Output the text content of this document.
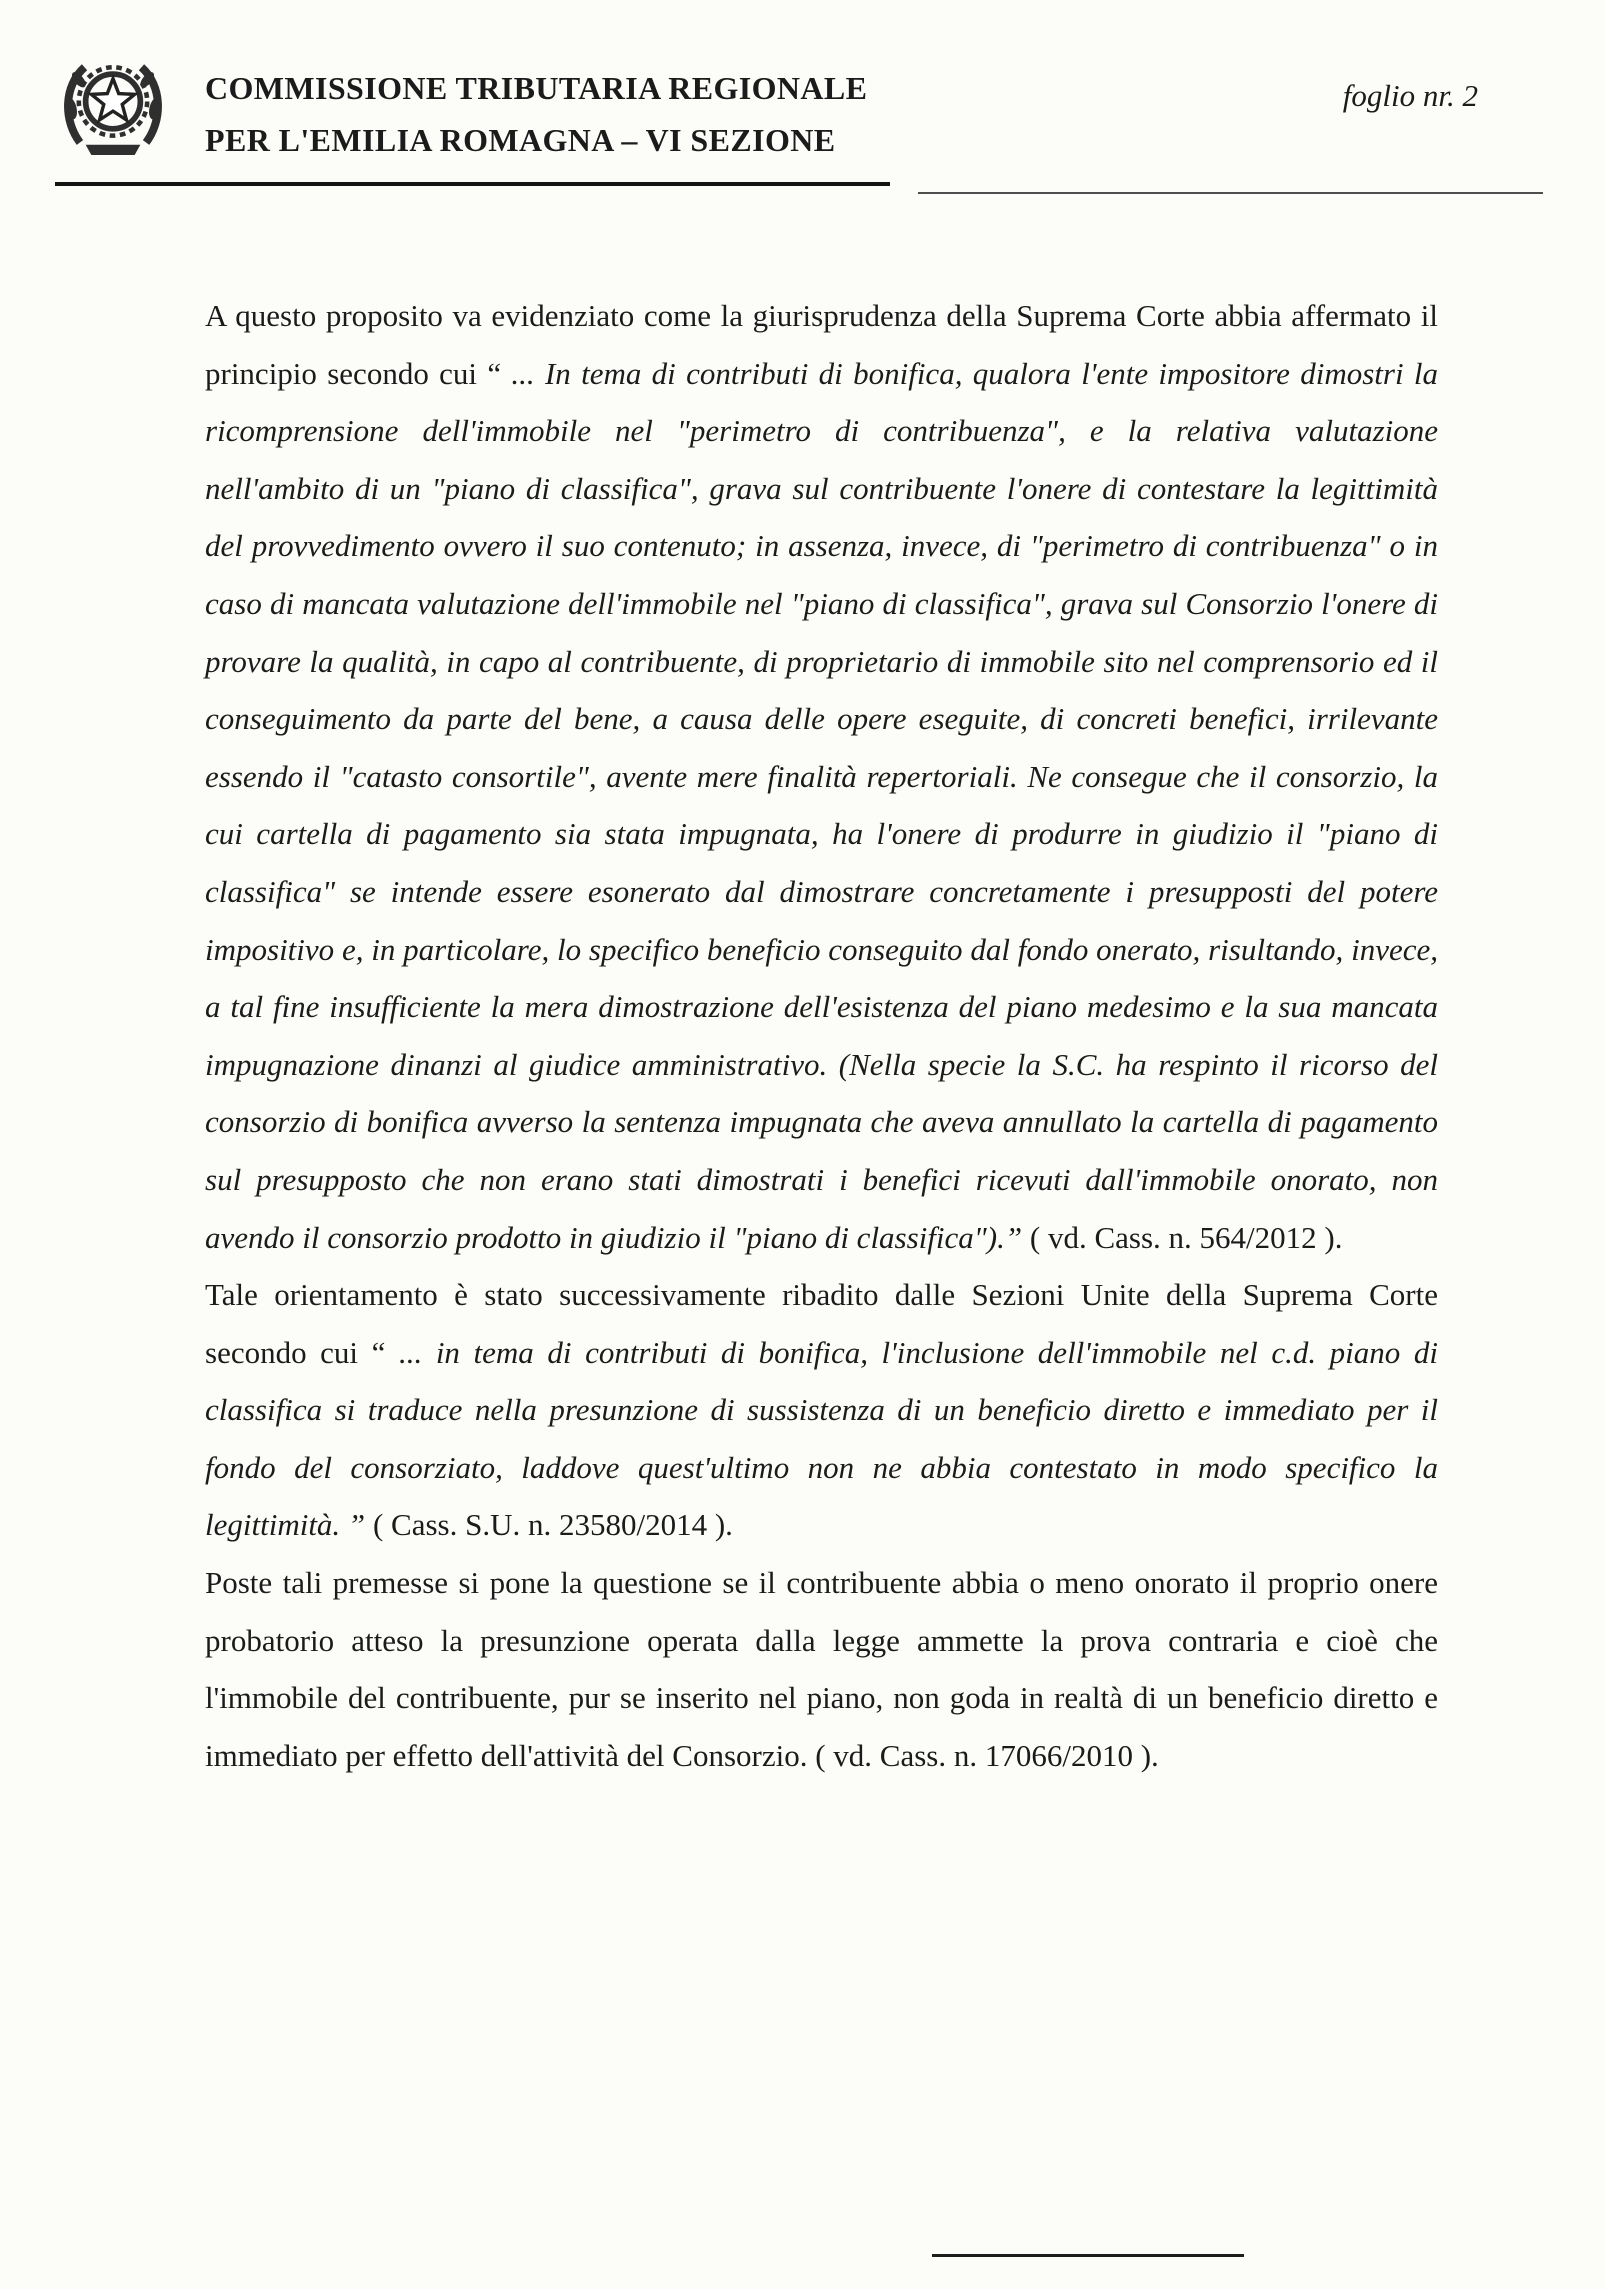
COMMISSIONE TRIBUTARIA REGIONALE
PER L'EMILIA ROMAGNA – VI SEZIONE
foglio nr. 2

A questo proposito va evidenziato come la giurisprudenza della Suprema Corte abbia affermato il principio secondo cui “ ... In tema di contributi di bonifica, qualora l'ente impositore dimostri la ricomprensione dell'immobile nel "perimetro di contribuenza", e la relativa valutazione nell'ambito di un "piano di classifica", grava sul contribuente l'onere di contestare la legittimità del provvedimento ovvero il suo contenuto; in assenza, invece, di "perimetro di contribuenza" o in caso di mancata valutazione dell'immobile nel "piano di classifica", grava sul Consorzio l'onere di provare la qualità, in capo al contribuente, di proprietario di immobile sito nel comprensorio ed il conseguimento da parte del bene, a causa delle opere eseguite, di concreti benefici, irrilevante essendo il "catasto consortile", avente mere finalità repertoriali. Ne consegue che il consorzio, la cui cartella di pagamento sia stata impugnata, ha l'onere di produrre in giudizio il "piano di classifica" se intende essere esonerato dal dimostrare concretamente i presupposti del potere impositivo e, in particolare, lo specifico beneficio conseguito dal fondo onerato, risultando, invece, a tal fine insufficiente la mera dimostrazione dell'esistenza del piano medesimo e la sua mancata impugnazione dinanzi al giudice amministrativo. (Nella specie la S.C. ha respinto il ricorso del consorzio di bonifica avverso la sentenza impugnata che aveva annullato la cartella di pagamento sul presupposto che non erano stati dimostrati i benefici ricevuti dall'immobile onorato, non avendo il consorzio prodotto in giudizio il "piano di classifica").” ( vd. Cass. n. 564/2012 ).

Tale orientamento è stato successivamente ribadito dalle Sezioni Unite della Suprema Corte secondo cui “ ... in tema di contributi di bonifica, l'inclusione dell'immobile nel c.d. piano di classifica si traduce nella presunzione di sussistenza di un beneficio diretto e immediato per il fondo del consorziato, laddove quest'ultimo non ne abbia contestato in modo specifico la legittimità. ” ( Cass. S.U. n. 23580/2014 ).

Poste tali premesse si pone la questione se il contribuente abbia o meno onorato il proprio onere probatorio atteso la presunzione operata dalla legge ammette la prova contraria e cioè che l'immobile del contribuente, pur se inserito nel piano, non goda in realtà di un beneficio diretto e immediato per effetto dell'attività del Consorzio. ( vd. Cass. n. 17066/2010 ).
